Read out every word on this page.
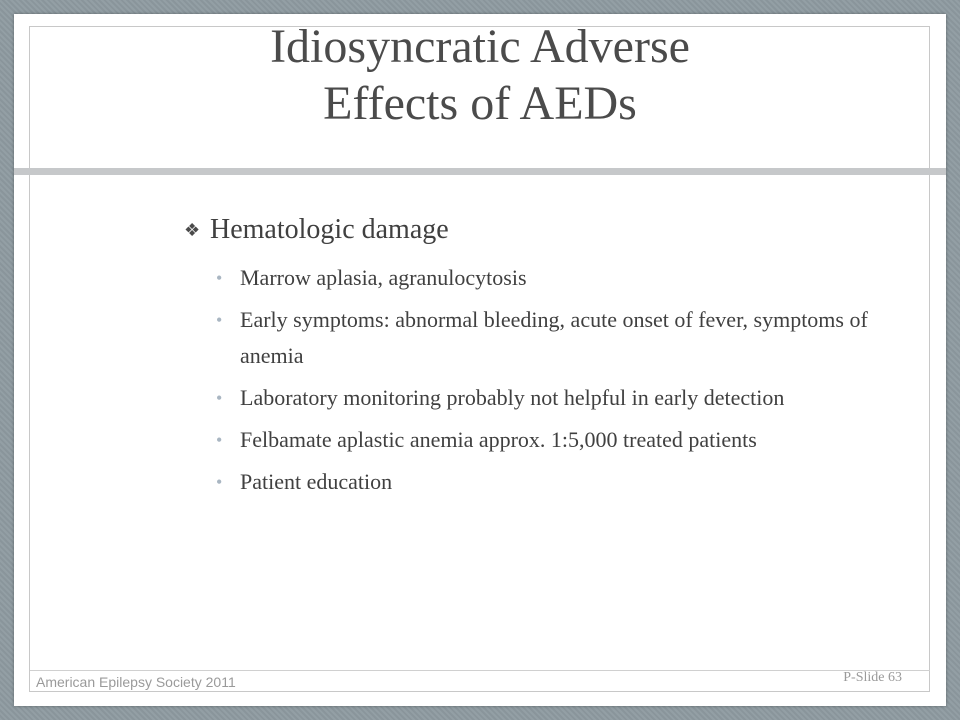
Idiosyncratic Adverse
Effects of AEDs
❖ Hematologic damage
• Marrow aplasia, agranulocytosis
• Early symptoms: abnormal bleeding, acute onset of fever, symptoms of anemia
• Laboratory monitoring probably not helpful in early detection
• Felbamate aplastic anemia approx. 1:5,000 treated patients
• Patient education
American Epilepsy Society 2011	P-Slide 63
